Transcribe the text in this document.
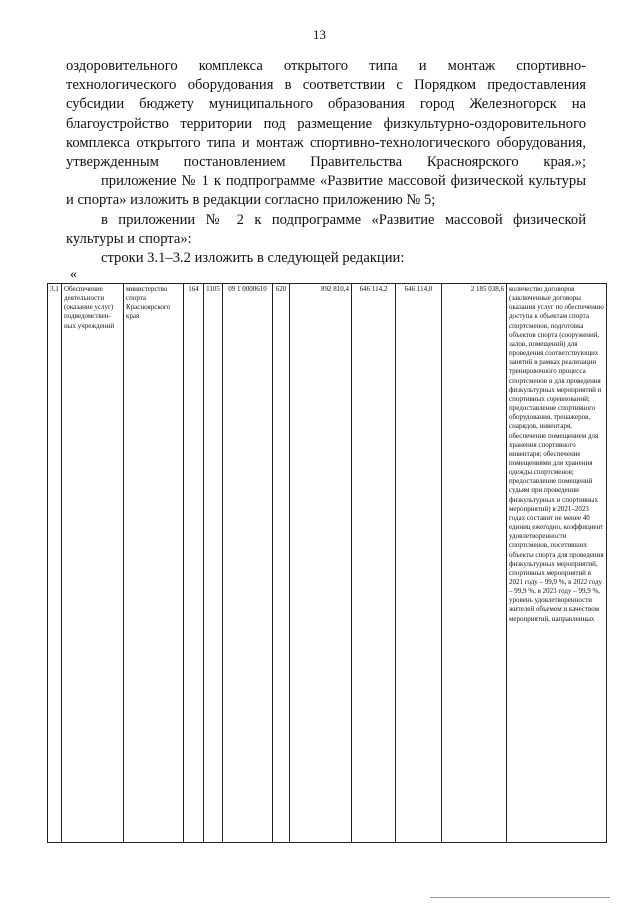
13

оздоровительного комплекса открытого типа и монтаж спортивно-технологического оборудования в соответствии с Порядком предоставления субсидии бюджету муниципального образования город Железногорск на благоустройство территории под размещение физкультурно-оздоровительного комплекса открытого типа и монтаж спортивно-технологического оборудования, утвержденным постановлением Правительства Красноярского края.»;

приложение № 1 к подпрограмме «Развитие массовой физической культуры и спорта» изложить в редакции согласно приложению № 5;

в приложении № 2 к подпрограмме «Развитие массовой физической культуры и спорта»:

строки 3.1–3.2 изложить в следующей редакции:

«
3.1	Обеспечение деятельности (оказание услуг) подведомствен-ных учреждений	министерство спорта Красноярского края	164	1105	09 1 0000610	620	892 810,4	646 114,2	646 114,0	2 185 038,6	количество договоров (заключенные договоры оказания услуг по обеспечению доступа к объектам спорта спортсменов, подготовка объектов спорта (сооружений, залов, помещений) для проведения соответствующих занятий в рамках реализации тренировочного процесса спортсменов и для проведения физкультурных мероприятий и спортивных соревнований; предоставление спортивного оборудования, тренажеров, снарядов, инвентаря, обеспечение помещением для хранения спортивного инвентаря; обеспечение помещениями для хранения одежды спортсменов; предоставление помещений судьям при проведении физкультурных и спортивных мероприятий) в 2021–2023 годах составит не менее 40 единиц ежегодно, коэффициент удовлетворенности спортсменов, посетивших объекты спорта для проведения физкультурных мероприятий, спортивных мероприятий в 2021 году – 99,9 %, в 2022 году – 99,9 %, в 2023 году – 99,9 %, уровень удовлетворенности жителей объемом и качеством мероприятий, направленных
